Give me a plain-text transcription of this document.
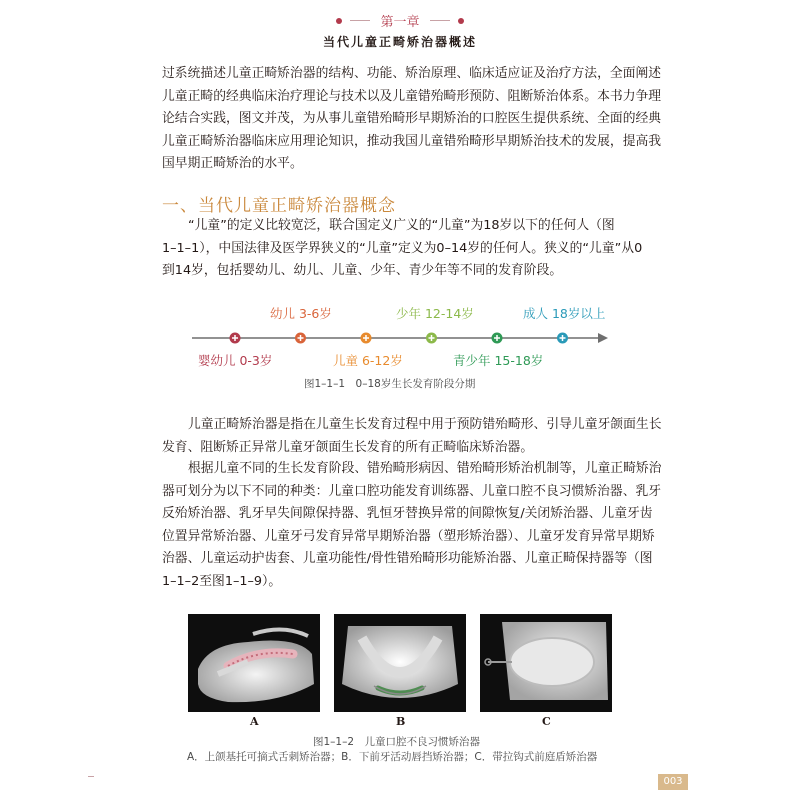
第一章
当代儿童正畸矫治器概述
过系统描述儿童正畸矫治器的结构、功能、矫治原理、临床适应证及治疗方法，全面阐述
儿童正畸的经典临床治疗理论与技术以及儿童错殆畸形预防、阻断矫治体系。本书力争理
论结合实践，图文并茂，为从事儿童错殆畸形早期矫治的口腔医生提供系统、全面的经典
儿童正畸矫治器临床应用理论知识，推动我国儿童错殆畸形早期矫治技术的发展，提高我
国早期正畸矫治的水平。
一、当代儿童正畸矫治器概念
“儿童”的定义比较宽泛，联合国定义广义的“儿童”为18岁以下的任何人（图
1–1–1），中国法律及医学界狭义的“儿童”定义为0–14岁的任何人。狭义的“儿童”从0
到14岁，包括婴幼儿、幼儿、儿童、少年、青少年等不同的发育阶段。
婴幼儿 0-3岁
幼儿 3-6岁
儿童 6-12岁
少年 12-14岁
青少年 15-18岁
成人 18岁以上
图1–1–1　0–18岁生长发育阶段分期
儿童正畸矫治器是指在儿童生长发育过程中用于预防错殆畸形、引导儿童牙颌面生长
发育、阻断矫正异常儿童牙颌面生长发育的所有正畸临床矫治器。
根据儿童不同的生长发育阶段、错殆畸形病因、错殆畸形矫治机制等，儿童正畸矫治
器可划分为以下不同的种类：儿童口腔功能发育训练器、儿童口腔不良习惯矫治器、乳牙
反殆矫治器、乳牙早失间隙保持器、乳恒牙替换异常的间隙恢复/关闭矫治器、儿童牙齿
位置异常矫治器、儿童牙弓发育异常早期矫治器（塑形矫治器）、儿童牙发育异常早期矫
治器、儿童运动护齿套、儿童功能性/骨性错殆畸形功能矫治器、儿童正畸保持器等（图
1–1–2至图1–1–9）。
A	B	C
图1–1–2　儿童口腔不良习惯矫治器
A．上颌基托可摘式舌刺矫治器；B．下前牙活动唇挡矫治器；C．带拉钩式前庭盾矫治器
003
